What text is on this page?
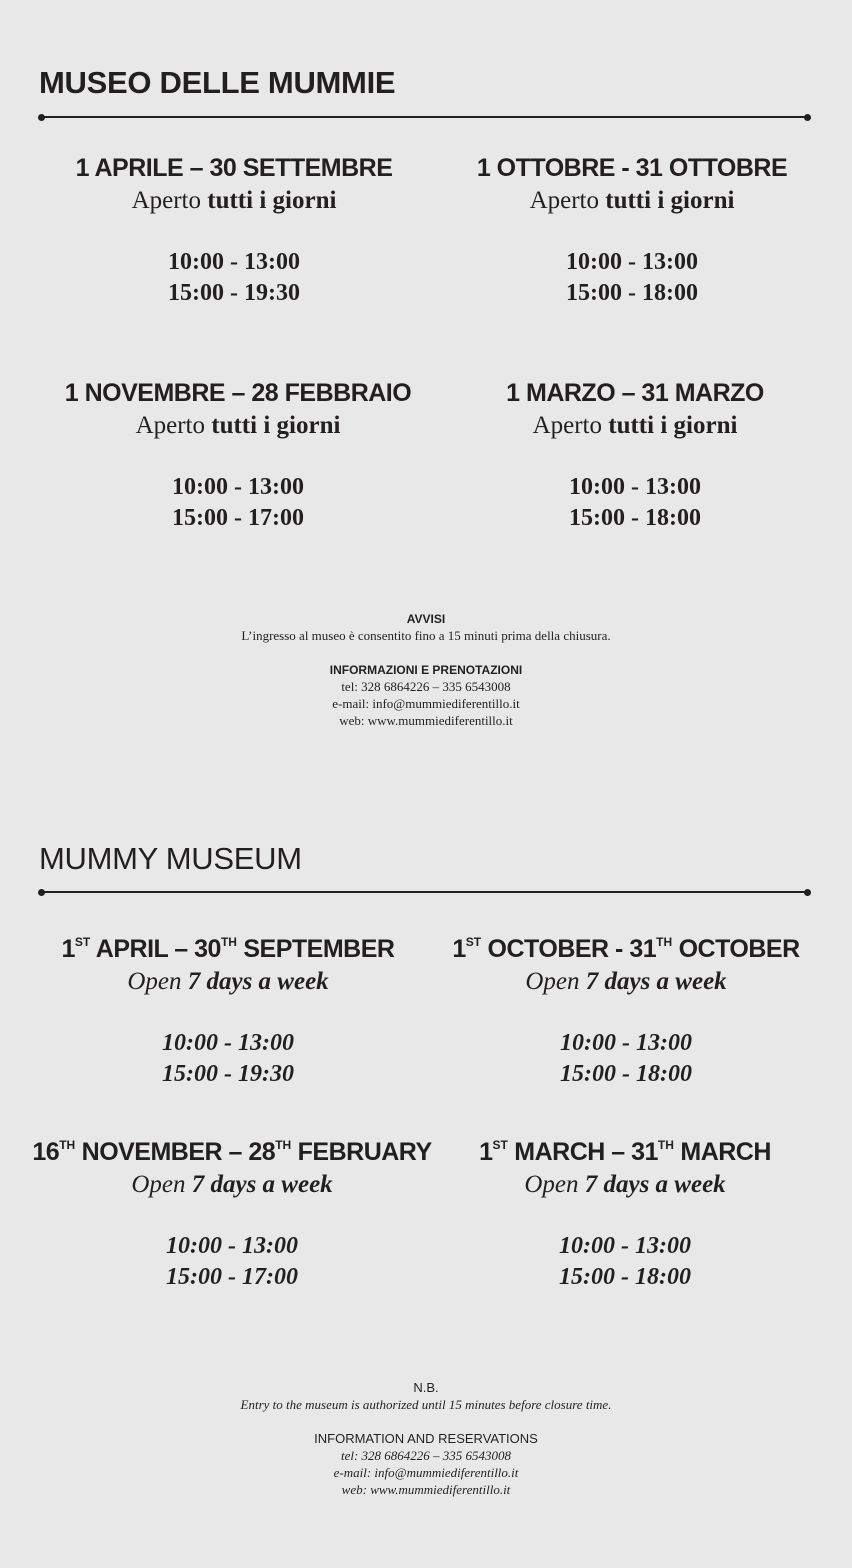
MUSEO DELLE MUMMIE
1 APRILE – 30 SETTEMBRE
Aperto tutti i giorni
10:00 - 13:00
15:00 - 19:30
1 OTTOBRE - 31 OTTOBRE
Aperto tutti i giorni
10:00 - 13:00
15:00 - 18:00
1 NOVEMBRE – 28 FEBBRAIO
Aperto tutti i giorni
10:00 - 13:00
15:00 - 17:00
1 MARZO – 31 MARZO
Aperto tutti i giorni
10:00 - 13:00
15:00 - 18:00
AVVISI
L’ingresso al museo è consentito fino a 15 minuti prima della chiusura.
INFORMAZIONI E PRENOTAZIONI
tel: 328 6864226 – 335 6543008
e-mail: info@mummiediferentillo.it
web: www.mummiediferentillo.it
MUMMY MUSEUM
1ST APRIL – 30TH SEPTEMBER
Open 7 days a week
10:00 - 13:00
15:00 - 19:30
1ST OCTOBER - 31TH OCTOBER
Open 7 days a week
10:00 - 13:00
15:00 - 18:00
16TH NOVEMBER – 28TH FEBRUARY
Open 7 days a week
10:00 - 13:00
15:00 - 17:00
1ST MARCH – 31TH MARCH
Open 7 days a week
10:00 - 13:00
15:00 - 18:00
N.B.
Entry to the museum is authorized until 15 minutes before closure time.
INFORMATION AND RESERVATIONS
tel: 328 6864226 – 335 6543008
e-mail: info@mummiediferentillo.it
web: www.mummiediferentillo.it
